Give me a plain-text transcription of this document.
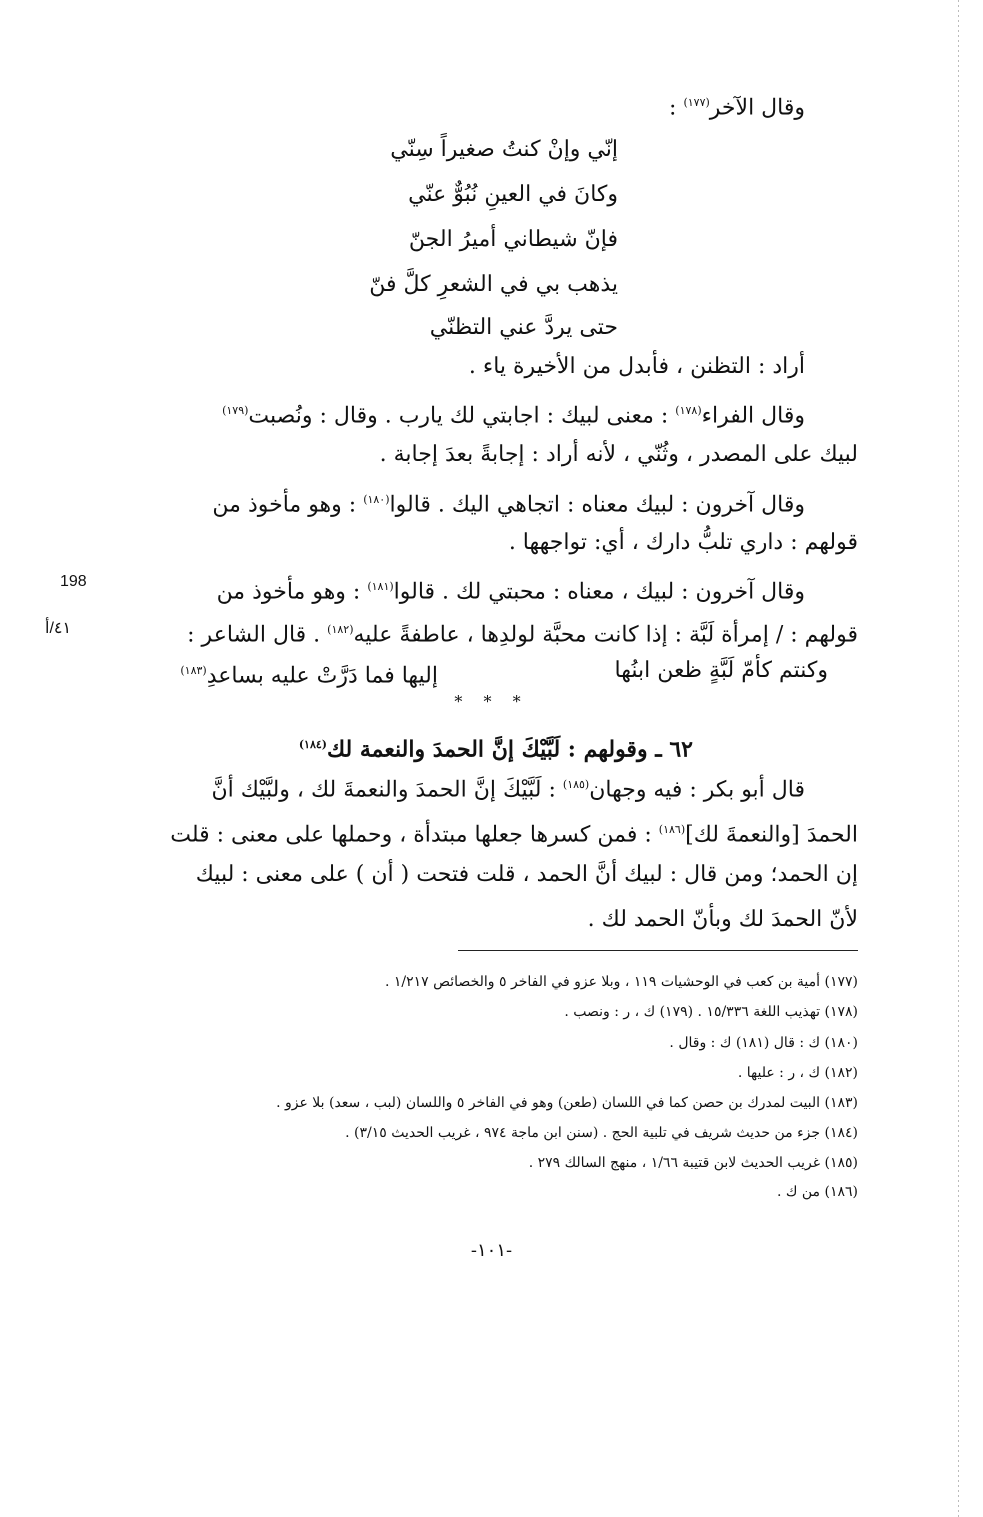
وقال الآخر$^{(١٧٧)}$ :
إنّي وإنْ كنتُ صغيراً سِنّي
وكانَ في العينِ نُبُوٌّ عنّي
فإنّ شيطاني أميرُ الجنّ
يذهب بي في الشعرِ كلَّ فنّ
حتى يردَّ عني التظنّي
أراد : التظنن ، فأبدل من الأخيرة ياء .
وقال الفراء$^{(١٧٨)}$ : معنى لبيك : اجابتي لك يارب . وقال : ونُصبت$^{(١٧٩)}$
لبيك على المصدر ، وثُنّي ، لأنه أراد : إجابةً بعدَ إجابة .
وقال آخرون : لبيك معناه : اتجاهي اليك . قالوا$^{(١٨٠)}$ : وهو مأخوذ من
قولهم : داري تلبُّ دارك ، أي: تواجهها .
وقال آخرون : لبيك ، معناه : محبتي لك . قالوا$^{(١٨١)}$ : وهو مأخوذ من
قولهم : / إمرأة لَبَّة : إذا كانت محبَّة لولدِها ، عاطفةً عليه$^{(١٨٢)}$ . قال الشاعر :
وكنتم كأمّ لَبَّةٍ ظعن ابنُها
إليها فما دَرَّتْ عليه بساعدِ$^{(١٨٣)}$
* * *
٦٢ ـ وقولهم : لَبَّيْكَ إنَّ الحمدَ والنعمة لك$^{(١٨٤)}$
قال أبو بكر : فيه وجهان$^{(١٨٥)}$ : لَبَّيْكَ إنَّ الحمدَ والنعمةَ لك ، ولبَّيْك أنَّ
الحمدَ [والنعمةَ لك]$^{(١٨٦)}$ : فمن كسرها جعلها مبتدأة ، وحملها على معنى : قلت
إن الحمد؛ ومن قال : لبيك أنَّ الحمد ، قلت فتحت ( أن ) على معنى : لبيك
لأنّ الحمدَ لك وبأنّ الحمد لك .
198
٤١/أ
(١٧٧) أمية بن كعب في الوحشيات ١١٩ ، وبلا عزو في الفاخر ٥ والخصائص ١/٢١٧ .
(١٧٨) تهذيب اللغة ١٥/٣٣٦ . (١٧٩) ك ، ر : ونصب .
(١٨٠) ك : قال (١٨١) ك : وقال .
(١٨٢) ك ، ر : عليها .
(١٨٣) البيت لمدرك بن حصن كما في اللسان (طعن) وهو في الفاخر ٥ واللسان (لبب ، سعد) بلا عزو .
(١٨٤) جزء من حديث شريف في تلبية الحج . (سنن ابن ماجة ٩٧٤ ، غريب الحديث ٣/١٥) .
(١٨٥) غريب الحديث لابن قتيبة ١/٦٦ ، منهج السالك ٢٧٩ .
(١٨٦) من ك .
-١٠١-
